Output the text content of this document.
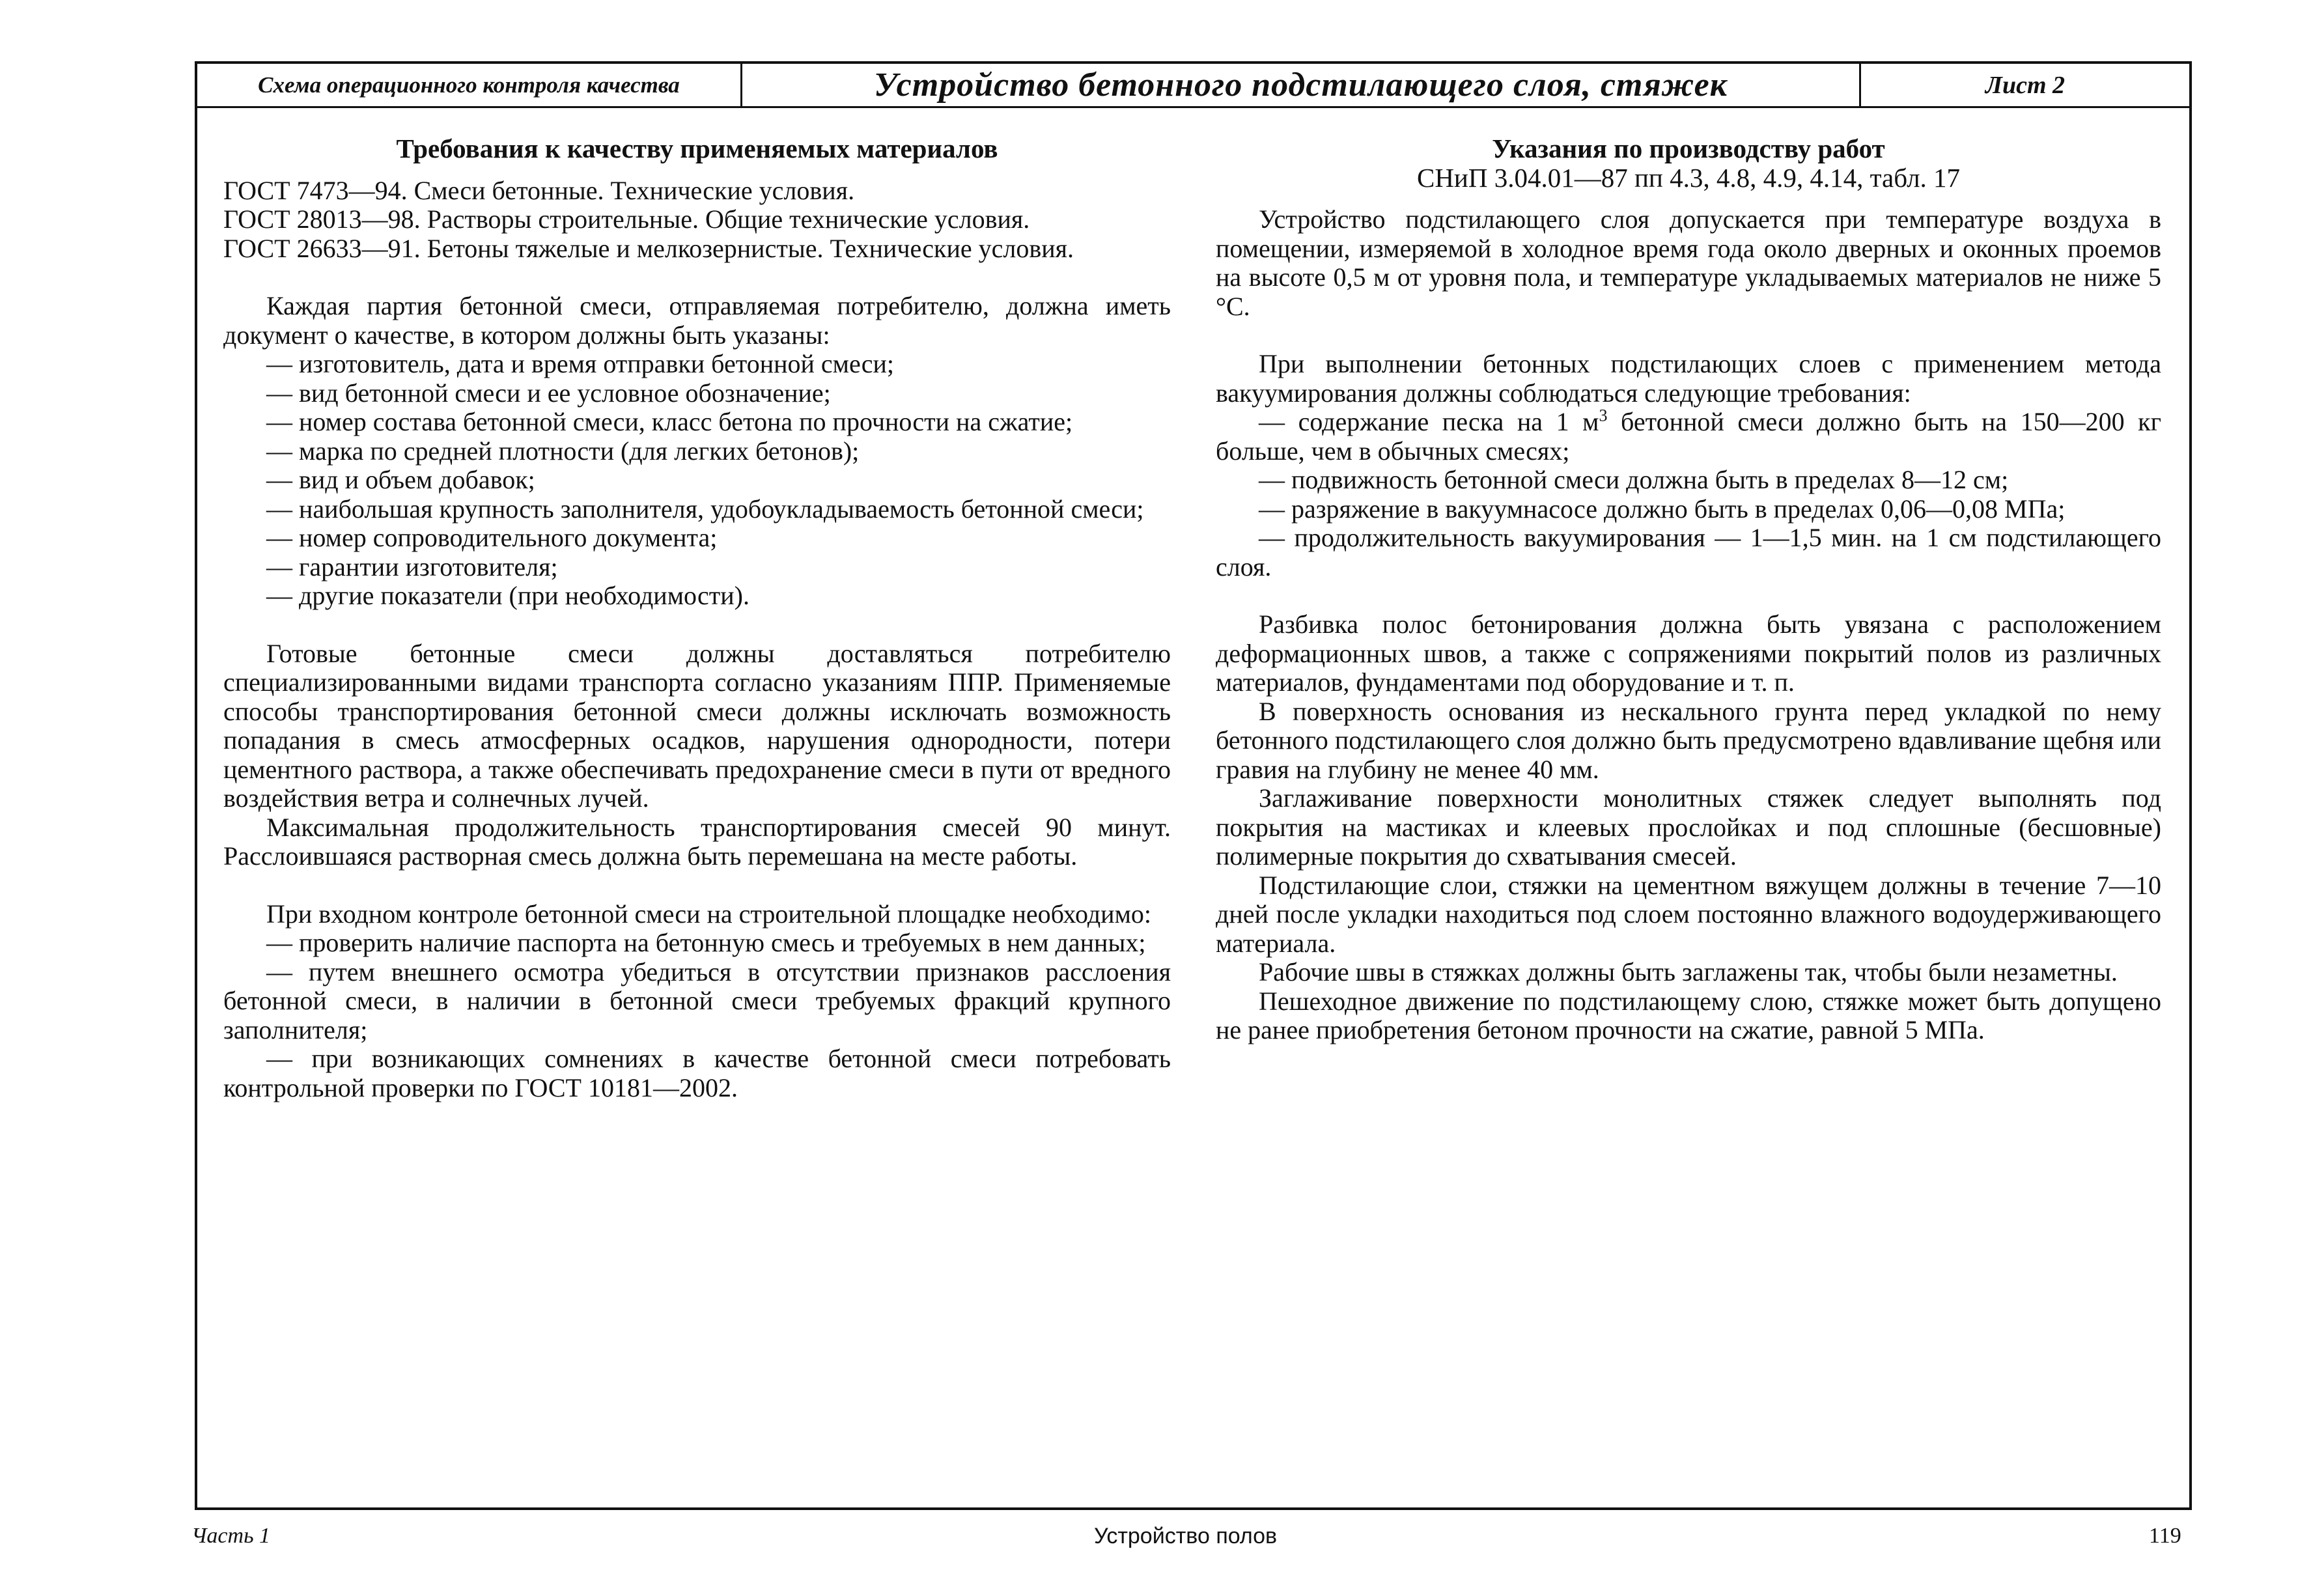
Схема операционного контроля качества	Устройство бетонного подстилающего слоя, стяжек	Лист 2

Требования к качеству применяемых материалов

ГОСТ 7473—94. Смеси бетонные. Технические условия.

ГОСТ 28013—98. Растворы строительные. Общие технические условия.

ГОСТ 26633—91. Бетоны тяжелые и мелкозернистые. Технические условия.

Каждая партия бетонной смеси, отправляемая потребителю, должна иметь документ о качестве, в котором должны быть указаны:

— изготовитель, дата и время отправки бетонной смеси;

— вид бетонной смеси и ее условное обозначение;

— номер состава бетонной смеси, класс бетона по прочности на сжатие;

— марка по средней плотности (для легких бетонов);

— вид и объем добавок;

— наибольшая крупность заполнителя, удобоукладываемость бетонной смеси;

— номер сопроводительного документа;

— гарантии изготовителя;

— другие показатели (при необходимости).

Готовые бетонные смеси должны доставляться потребителю специализированными видами транспорта согласно указаниям ППР. Применяемые способы транспортирования бетонной смеси должны исключать возможность попадания в смесь атмосферных осадков, нарушения однородности, потери цементного раствора, а также обеспечивать предохранение смеси в пути от вредного воздействия ветра и солнечных лучей.

Максимальная продолжительность транспортирования смесей 90 минут. Расслоившаяся растворная смесь должна быть перемешана на месте работы.

При входном контроле бетонной смеси на строительной площадке необходимо:

— проверить наличие паспорта на бетонную смесь и требуемых в нем данных;

— путем внешнего осмотра убедиться в отсутствии признаков расслоения бетонной смеси, в наличии в бетонной смеси требуемых фракций крупного заполнителя;

— при возникающих сомнениях в качестве бетонной смеси потребовать контрольной проверки по ГОСТ 10181—2002.

Указания по производству работ

СНиП 3.04.01—87 пп 4.3, 4.8, 4.9, 4.14, табл. 17

Устройство подстилающего слоя допускается при температуре воздуха в помещении, измеряемой в холодное время года около дверных и оконных проемов на высоте 0,5 м от уровня пола, и температуре укладываемых материалов не ниже 5 °С.

При выполнении бетонных подстилающих слоев с применением метода вакуумирования должны соблюдаться следующие требования:

— содержание песка на 1 $м^3$ бетонной смеси должно быть на 150—200 кг больше, чем в обычных смесях;

— подвижность бетонной смеси должна быть в пределах 8—12 см;

— разряжение в вакуумнасосе должно быть в пределах 0,06—0,08 МПа;

— продолжительность вакуумирования — 1—1,5 мин. на 1 см подстилающего слоя.

Разбивка полос бетонирования должна быть увязана с расположением деформационных швов, а также с сопряжениями покрытий полов из различных материалов, фундаментами под оборудование и т. п.

В поверхность основания из нескального грунта перед укладкой по нему бетонного подстилающего слоя должно быть предусмотрено вдавливание щебня или гравия на глубину не менее 40 мм.

Заглаживание поверхности монолитных стяжек следует выполнять под покрытия на мастиках и клеевых прослойках и под сплошные (бесшовные) полимерные покрытия до схватывания смесей.

Подстилающие слои, стяжки на цементном вяжущем должны в течение 7—10 дней после укладки находиться под слоем постоянно влажного водоудерживающего материала.

Рабочие швы в стяжках должны быть заглажены так, чтобы были незаметны.

Пешеходное движение по подстилающему слою, стяжке может быть допущено не ранее приобретения бетоном прочности на сжатие, равной 5 МПа.

Часть 1	Устройство полов	119
